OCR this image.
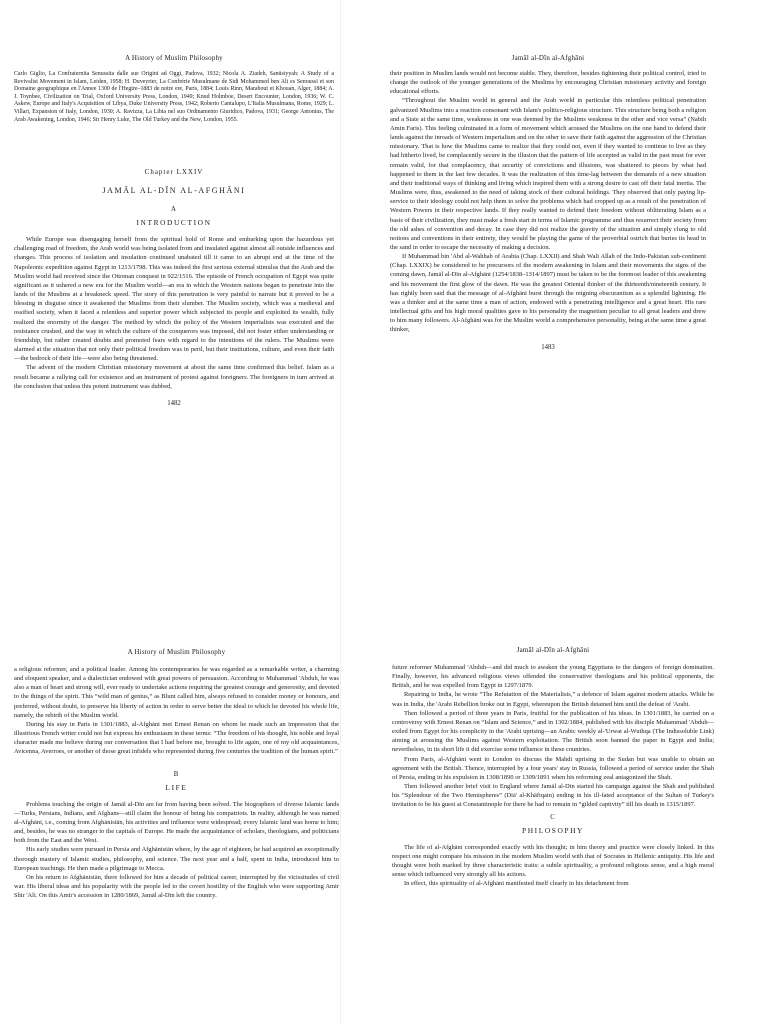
A History of Muslim Philosophy

Carlo Giglio, La Confraternita Senussita dalle sue Origini ad Oggi, Padova, 1932; Nicola A. Ziadeh, Sanūsiyyah: A Study of a Revivalist Movement in Islam, Leiden, 1958; H. Duveyrier, La Confrérie Musulmane de Sidi Mohammed ben Ali es Senoussi et son Domaine geographique en l'Annee 1300 de l'Hegire–1883 de notre ere, Paris, 1884; Louis Rinn, Marabout et Khouan, Alger, 1884; A. J. Toynbee, Civilization on Trial, Oxford University Press, London, 1949; Knud Holmboe, Desert Encounter, London, 1936; W. C. Askew, Europe and Italy's Acquisition of Libya, Duke University Press, 1942; Roberto Cantalupo, L'Italia Musulmana, Rome, 1929; L. Villari, Expansion of Italy, London, 1930; A. Ravizza, La Libia nel suo Ordinamento Giuridico, Padova, 1931; George Antonius, The Arab Awakening, London, 1946; Sir Henry Luke, The Old Turkey and the New, London, 1955.

Chapter LXXIV
JAMĀL AL-DĪN AL-AFGHĀNI
A
INTRODUCTION

While Europe was disengaging herself from the spiritual hold of Rome and embarking upon the hazardous yet challenging road of freedom, the Arab world was being isolated from and insulated against almost all outside influences and changes. This process of isolation and insulation continued unabated till it came to an abrupt end at the time of the Napoleonic expedition against Egypt in 1213/1798. This was indeed the first serious external stimulus that the Arab and the Muslim world had received since the Ottoman conquest in 922/1516. The episode of French occupation of Egypt was quite significant as it ushered a new era for the Muslim world—an era in which the Western nations began to penetrate into the lands of the Muslims at a breakneck speed. The story of this penetration is very painful to narrate but it proved to be a blessing in disguise since it awakened the Muslims from their slumber. The Muslim society, which was a medieval and ossified society, when it faced a relentless and superior power which subjected its people and exploited its wealth, fully realized the enormity of the danger. The method by which the policy of the Western imperialists was executed and the resistance crushed, and the way in which the culture of the conquerors was imposed, did not foster either understanding or friendship, but rather created doubts and promoted fears with regard to the intentions of the rulers. The Muslims were alarmed at the situation that not only their political freedom was in peril, but their institutions, culture, and even their faith—the bedrock of their life—were also being threatened.

The advent of the modern Christian missionary movement at about the same time confirmed this belief. Islam as a result became a rallying call for existence and an instrument of protest against foreigners. The foreigners in turn arrived at the conclusion that unless this potent instrument was dubbed,

1482
Jamāl al-Dīn al-Afghāni

their position in Muslim lands would not become stable. They, therefore, besides tightening their political control, tried to change the outlook of the younger generations of the Muslims by encouraging Christian missionary activity and foreign educational efforts.

“Throughout the Muslim world in general and the Arab world in particular this relentless political penetration galvanized Muslims into a reaction consonant with Islam's politico-religious structure. This structure being both a religion and a State at the same time, weakness in one was deemed by the Muslims weakness in the other and vice versa” (Nabih Amin Faris). This feeling culminated in a form of movement which aroused the Muslims on the one hand to defend their lands against the inroads of Western imperialism and on the other to save their faith against the aggression of the Christian missionary. That is how the Muslims came to realize that they could not, even if they wanted to continue to live as they had hitherto lived, be complacently secure in the illusion that the pattern of life accepted as valid in the past must for ever remain valid, for that complacency, that security of convictions and illusions, was shattered to pieces by what had happened to them in the last few decades. It was the realization of this time-lag between the demands of a new situation and their traditional ways of thinking and living which inspired them with a strong desire to cast off their fatal inertia. The Muslims were, thus, awakened to the need of taking stock of their cultural holdings. They observed that only paying lip-service to their ideology could not help them to solve the problems which had cropped up as a result of the penetration of Western Powers in their respective lands. If they really wanted to defend their freedom without obliterating Islam as a basis of their civilization, they must make a fresh start in terms of Islamic programme and thus resurrect their society from the old ashes of convention and decay. In case they did not realize the gravity of the situation and simply clung to old notions and conventions in their entirety, they would be playing the game of the proverbial ostrich that buries its head in the sand in order to escape the necessity of making a decision.

If Muhammad bin 'Abd al-Wahhab of Arabia (Chap. LXXII) and Shah Wali Allah of the Indo-Pakistan sub-continent (Chap. LXXIX) be considered to be precursors of the modern awakening in Islam and their movements the signs of the coming dawn, Jamāl al-Dīn al-Afghāni (1254/1838–1314/1897) must be taken to be the foremost leader of this awakening and his movement the first glow of the dawn. He was the greatest Oriental thinker of the thirteenth/nineteenth century. It has rightly been said that the message of al-Afghāni burst through the reigning obscurantism as a splendid lightning. He was a thinker and at the same time a man of action, endowed with a penetrating intelligence and a great heart. His rare intellectual gifts and his high moral qualities gave to his personality the magnetism peculiar to all great leaders and drew to him many followers. Al-Afghāni was for the Muslim world a comprehensive personality, being at the same time a great thinker,

1483
A History of Muslim Philosophy

a religious reformer, and a political leader. Among his contemporaries he was regarded as a remarkable writer, a charming and eloquent speaker, and a dialectician endowed with great powers of persuasion. According to Muhammad 'Abduh, he was also a man of heart and strong will, ever ready to undertake actions requiring the greatest courage and generosity, and devoted to the things of the spirit. This “wild man of genius,” as Blunt called him, always refused to consider money or honours, and preferred, without doubt, to preserve his liberty of action in order to serve better the ideal to which he devoted his whole life, namely, the rebirth of the Muslim world.

During his stay in Paris in 1301/1883, al-Afghāni met Ernest Renan on whom he made such an impression that the illustrious French writer could not but express his enthusiasm in these terms: “The freedom of his thought, his noble and loyal character made me believe during our conversation that I had before me, brought to life again, one of my old acquaintances, Avicenna, Averroes, or another of those great infidels who represented during five centuries the tradition of the human spirit.”

B
LIFE

Problems touching the origin of Jamāl al-Dīn are far from having been solved. The biographers of diverse Islamic lands—Turks, Persians, Indians, and Afghans—still claim the honour of being his compatriots. In reality, although he was named al-Afghāni, i.e., coming from Afghānistān, his activities and influence were widespread; every Islamic land was home to him; and, besides, he was no stranger to the capitals of Europe. He made the acquaintance of scholars, theologians, and politicians both from the East and the West.

His early studies were pursued in Persia and Afghānistān where, by the age of eighteen, he had acquired an exceptionally thorough mastery of Islamic studies, philosophy, and science. The next year and a half, spent in India, introduced him to European teachings. He then made a pilgrimage to Mecca.

On his return to Afghānistān, there followed for him a decade of political career, interrupted by the vicissitudes of civil war. His liberal ideas and his popularity with the people led to the covert hostility of the English who were supporting Amir Shir 'Ali. On this Amir's accession in 1280/1869, Jamāl al-Dīn left the country.

Jamāl al-Dīn al-Afghāni

future reformer Muhammad 'Abduh—and did much to awaken the young Egyptians to the dangers of foreign domination. Finally, however, his advanced religious views offended the conservative theologians and his political opponents, the British, and he was expelled from Egypt in 1297/1879.

Repairing to India, he wrote “The Refutation of the Materialists,” a defence of Islam against modern attacks. While he was in India, the 'Arabi Rebellion broke out in Egypt, whereupon the British detained him until the defeat of 'Arabi.

Then followed a period of three years in Paris, fruitful for the publication of his ideas. In 1301/1883, he carried on a controversy with Ernest Renan on “Islam and Science,” and in 1302/1884, published with his disciple Muhammad 'Abduh—exiled from Egypt for his complicity in the 'Arabi uprising—an Arabic weekly al-'Urwat al-Wuthqa (The Indissoluble Link) aiming at arousing the Muslims against Western exploitation. The British soon banned the paper in Egypt and India; nevertheless, in its short life it did exercise some influence in these countries.

From Paris, al-Afghāni went to London to discuss the Mahdi uprising in the Sudan but was unable to obtain an agreement with the British. Thence, interrupted by a four years' stay in Russia, followed a period of service under the Shah of Persia, ending in his expulsion in 1308/1890 or 1309/1891 when his reforming zeal antagonized the Shah.

Then followed another brief visit to England where Jamāl al-Dīn started his campaign against the Shah and published his “Splendour of the Two Hemispheres” (Diā' al-Khāfiqain) ending in his ill-fated acceptance of the Sultan of Turkey's invitation to be his guest at Constantinople for there he had to remain in “gilded captivity” till his death in 1315/1897.

C
PHILOSOPHY

The life of al-Afghāni corresponded exactly with his thought; in him theory and practice were closely linked. In this respect one might compare his mission in the modern Muslim world with that of Socrates in Hellenic antiquity. His life and thought were both marked by three characteristic traits: a subtle spirituality, a profound religious sense, and a high moral sense which influenced very strongly all his actions.

In effect, this spirituality of al-Afghāni manifested itself clearly in his detachment from
